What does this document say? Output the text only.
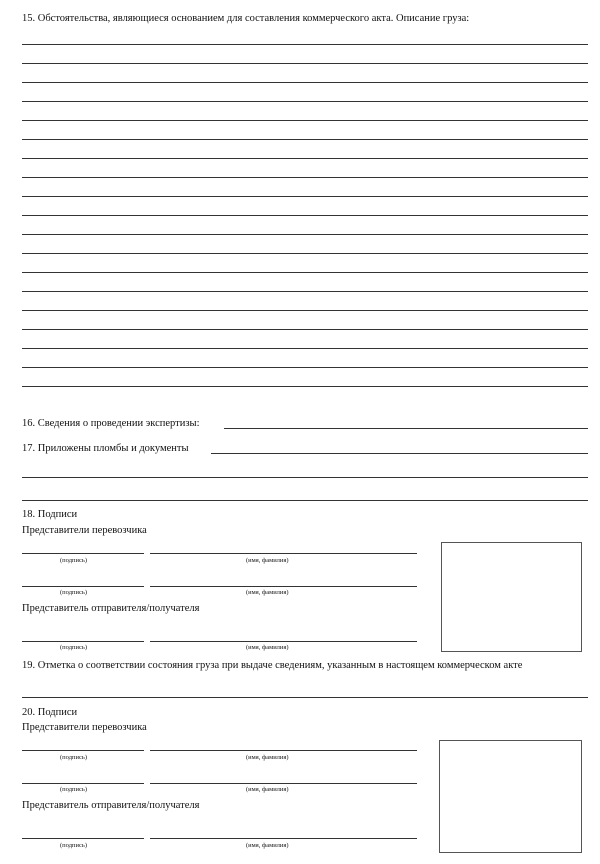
15. Обстоятельства, являющиеся основанием для составления коммерческого акта. Описание груза:
16. Сведения о проведении экспертизы:
17. Приложены пломбы и документы
18. Подписи
Представители перевозчика
(подпись)	(имя, фамилия)
(подпись)	(имя, фамилия)
Представитель отправителя/получателя
(подпись)	(имя, фамилия)
19. Отметка о соответствии состояния груза при выдаче сведениям, указанным в настоящем коммерческом акте
20. Подписи
Представители перевозчика
(подпись)	(имя, фамилия)
(подпись)	(имя, фамилия)
Представитель отправителя/получателя
(подпись)	(имя, фамилия)
